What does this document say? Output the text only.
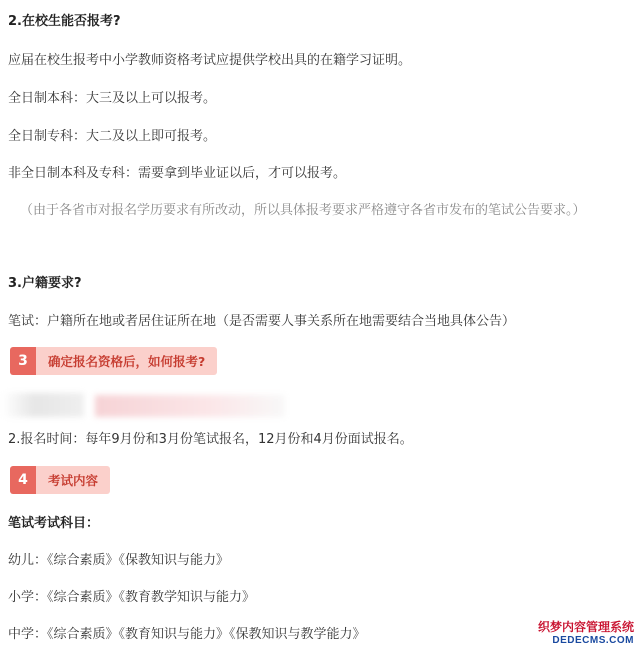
2.在校生能否报考?
应届在校生报考中小学教师资格考试应提供学校出具的在籍学习证明。
全日制本科：大三及以上可以报考。
全日制专科：大二及以上即可报考。
非全日制本科及专科：需要拿到毕业证以后，才可以报考。
（由于各省市对报名学历要求有所改动，所以具体报考要求严格遵守各省市发布的笔试公告要求。）
3.户籍要求?
笔试：户籍所在地或者居住证所在地（是否需要人事关系所在地需要结合当地具体公告）
3	确定报名资格后，如何报考?
2.报名时间：每年9月份和3月份笔试报名，12月份和4月份面试报名。
4	考试内容
笔试考试科目：
幼儿：《综合素质》《保教知识与能力》
小学：《综合素质》《教育教学知识与能力》
中学：《综合素质》《教育知识与能力》《保教知识与教学能力》	织梦内容管理系统
DEDECMS.COM
